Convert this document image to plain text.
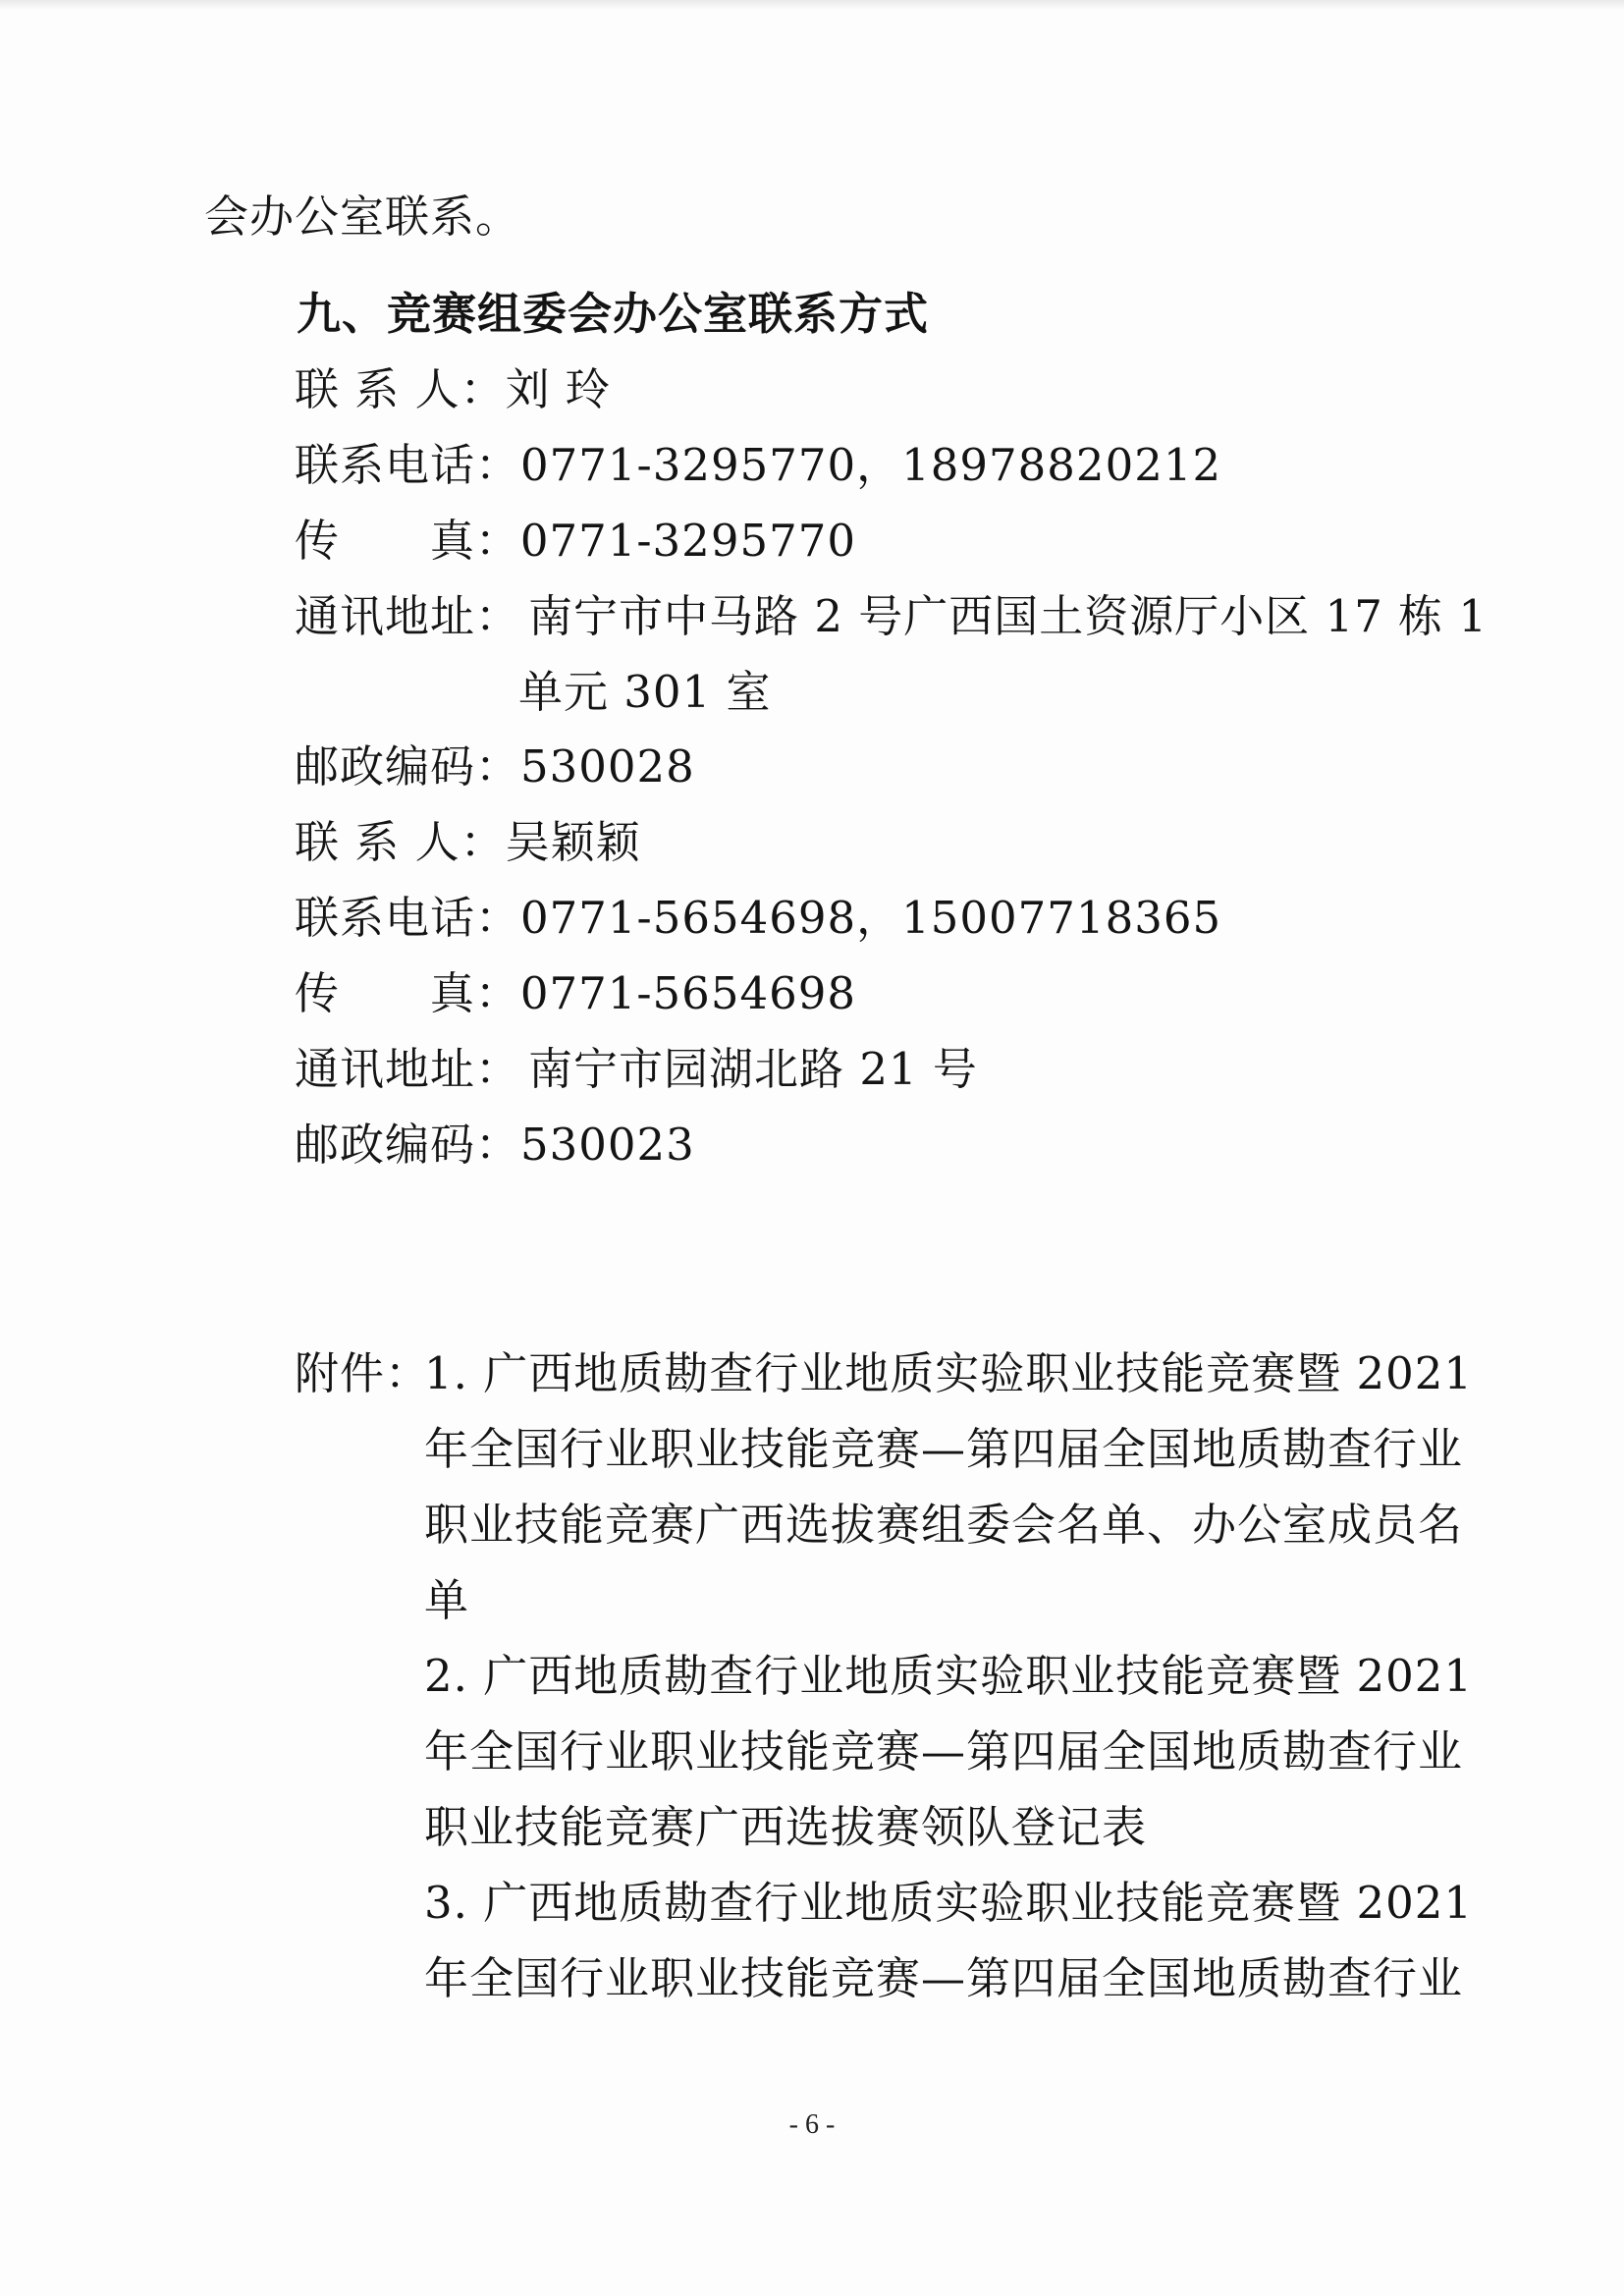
会办公室联系。
九、竞赛组委会办公室联系方式
联 系 人：刘 玲
联系电话：0771-3295770，18978820212
传      真：0771-3295770
通讯地址： 南宁市中马路 2 号广西国土资源厅小区 17 栋 1
单元 301 室
邮政编码：530028
联 系 人：吴颖颖
联系电话：0771-5654698，15007718365
传      真：0771-5654698
通讯地址： 南宁市园湖北路 21 号
邮政编码：530023
附件：
1. 广西地质勘查行业地质实验职业技能竞赛暨 2021
年全国行业职业技能竞赛—第四届全国地质勘查行业
职业技能竞赛广西选拔赛组委会名单、办公室成员名
单
2. 广西地质勘查行业地质实验职业技能竞赛暨 2021
年全国行业职业技能竞赛—第四届全国地质勘查行业
职业技能竞赛广西选拔赛领队登记表
3. 广西地质勘查行业地质实验职业技能竞赛暨 2021
年全国行业职业技能竞赛—第四届全国地质勘查行业
- 6 -
